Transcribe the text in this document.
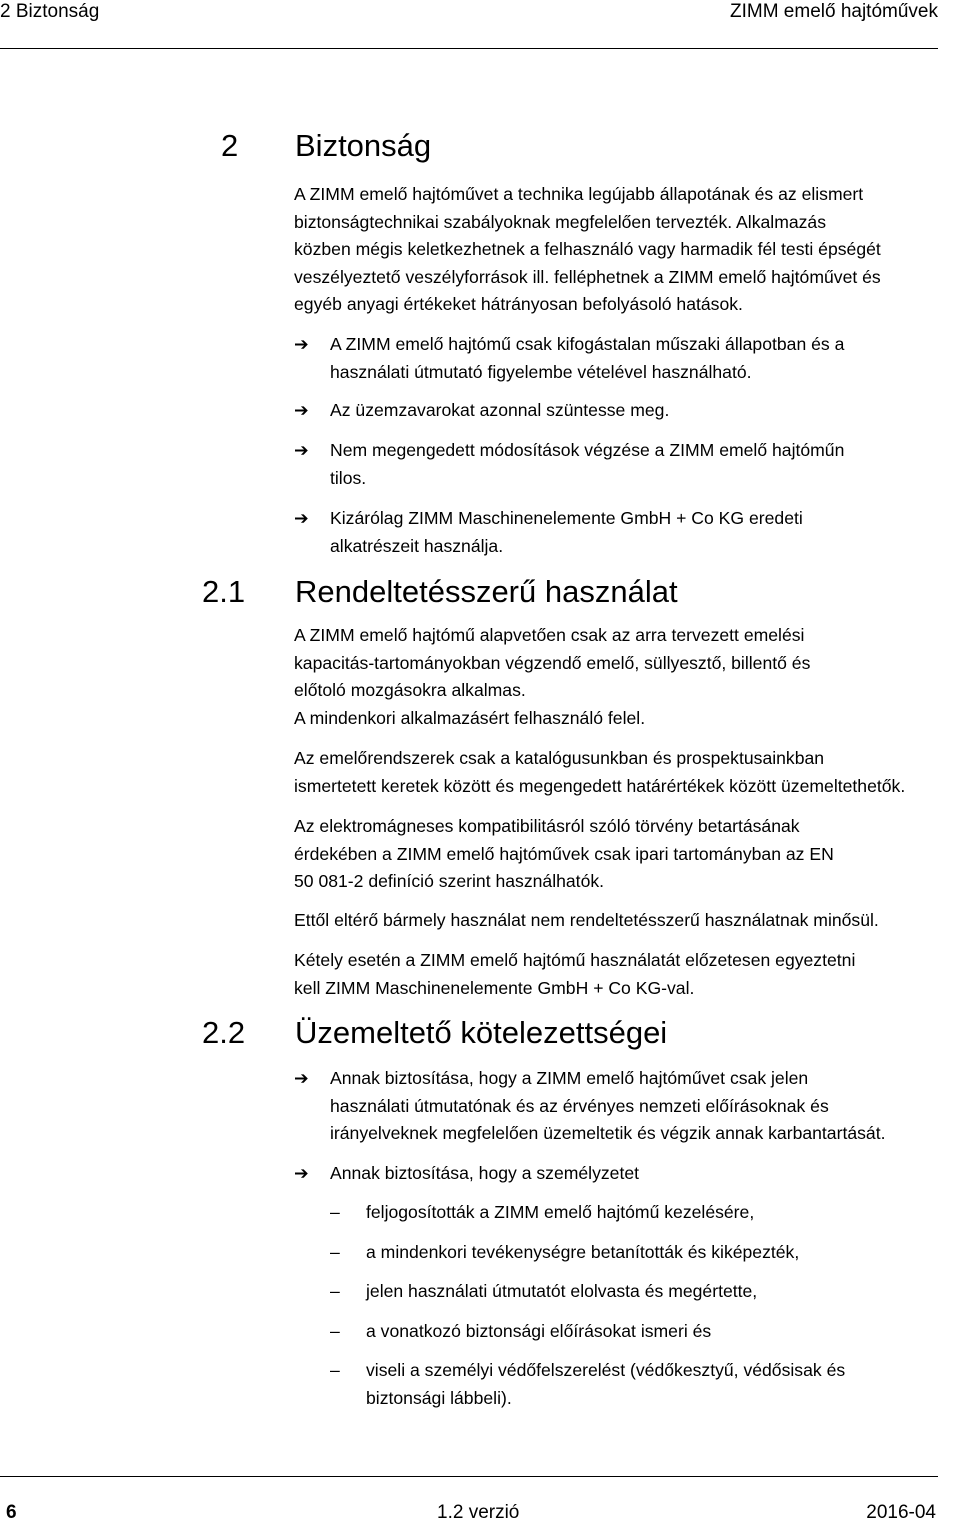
2 Biztonság	ZIMM emelő hajtóművek
2 Biztonság
A ZIMM emelő hajtóművet a technika legújabb állapotának és az elismert
biztonságtechnikai szabályoknak megfelelően tervezték. Alkalmazás
közben mégis keletkezhetnek a felhasználó vagy harmadik fél testi épségét
veszélyeztető veszélyforrások ill. felléphetnek a ZIMM emelő hajtóművet és
egyéb anyagi értékeket hátrányosan befolyásoló hatások.
➔	A ZIMM emelő hajtómű csak kifogástalan műszaki állapotban és a
használati útmutató figyelembe vételével használható.
➔	Az üzemzavarokat azonnal szüntesse meg.
➔	Nem megengedett módosítások végzése a ZIMM emelő hajtóműn
tilos.
➔	Kizárólag ZIMM Maschinenelemente GmbH + Co KG eredeti
alkatrészeit használja.
2.1 Rendeltetésszerű használat
A ZIMM emelő hajtómű alapvetően csak az arra tervezett emelési
kapacitás-tartományokban végzendő emelő, süllyesztő, billentő és
előtoló mozgásokra alkalmas.
A mindenkori alkalmazásért felhasználó felel.
Az emelőrendszerek csak a katalógusunkban és prospektusainkban
ismertetett keretek között és megengedett határértékek között üzemeltethetők.
Az elektromágneses kompatibilitásról szóló törvény betartásának
érdekében a ZIMM emelő hajtóművek csak ipari tartományban az EN
50 081-2 definíció szerint használhatók.
Ettől eltérő bármely használat nem rendeltetésszerű használatnak minősül.
Kétely esetén a ZIMM emelő hajtómű használatát előzetesen egyeztetni
kell ZIMM Maschinenelemente GmbH + Co KG-val.
2.2 Üzemeltető kötelezettségei
➔	Annak biztosítása, hogy a ZIMM emelő hajtóművet csak jelen
használati útmutatónak és az érvényes nemzeti előírásoknak és
irányelveknek megfelelően üzemeltetik és végzik annak karbantartását.
➔	Annak biztosítása, hogy a személyzetet
– feljogosították a ZIMM emelő hajtómű kezelésére,
– a mindenkori tevékenységre betanították és kiképezték,
– jelen használati útmutatót elolvasta és megértette,
– a vonatkozó biztonsági előírásokat ismeri és
– viseli a személyi védőfelszerelést (védőkesztyű, védősisak és
biztonsági lábbeli).
6	1.2 verzió	2016-04
